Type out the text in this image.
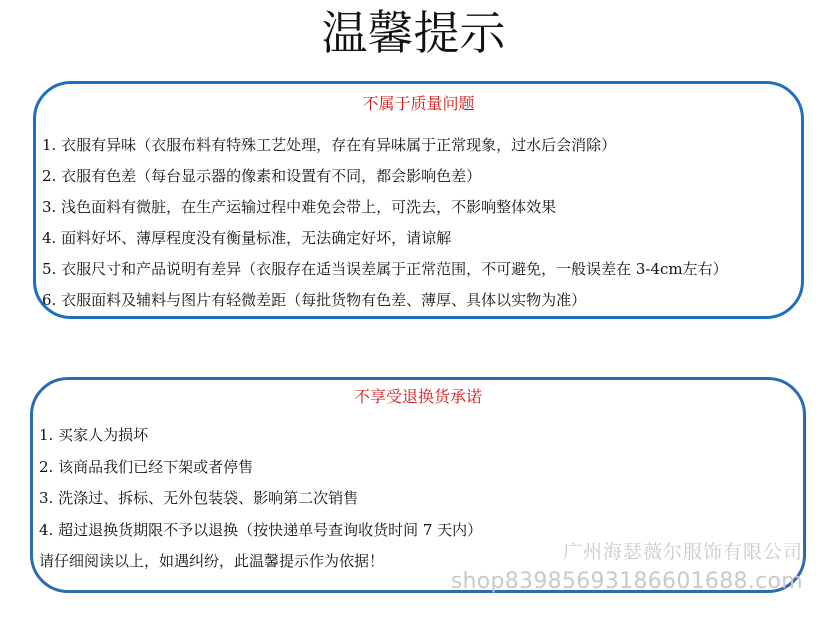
温馨提示
不属于质量问题
1. 衣服有异味（衣服布料有特殊工艺处理，存在有异味属于正常现象，过水后会消除）
2. 衣服有色差（每台显示器的像素和设置有不同，都会影响色差）
3. 浅色面料有微脏，在生产运输过程中难免会带上，可洗去，不影响整体效果
4. 面料好坏、薄厚程度没有衡量标准，无法确定好坏，请谅解
5. 衣服尺寸和产品说明有差异（衣服存在适当误差属于正常范围，不可避免，一般误差在 3-4cm左右）
6. 衣服面料及辅料与图片有轻微差距（每批货物有色差、薄厚、具体以实物为准）
不享受退换货承诺
1. 买家人为损坏
2. 该商品我们已经下架或者停售
3. 洗涤过、拆标、无外包装袋、影响第二次销售
4. 超过退换货期限不予以退换（按快递单号查询收货时间 7 天内）
请仔细阅读以上，如遇纠纷，此温馨提示作为依据！	广州海瑟薇尔服饰有限公司
shop83985693186601688.com
